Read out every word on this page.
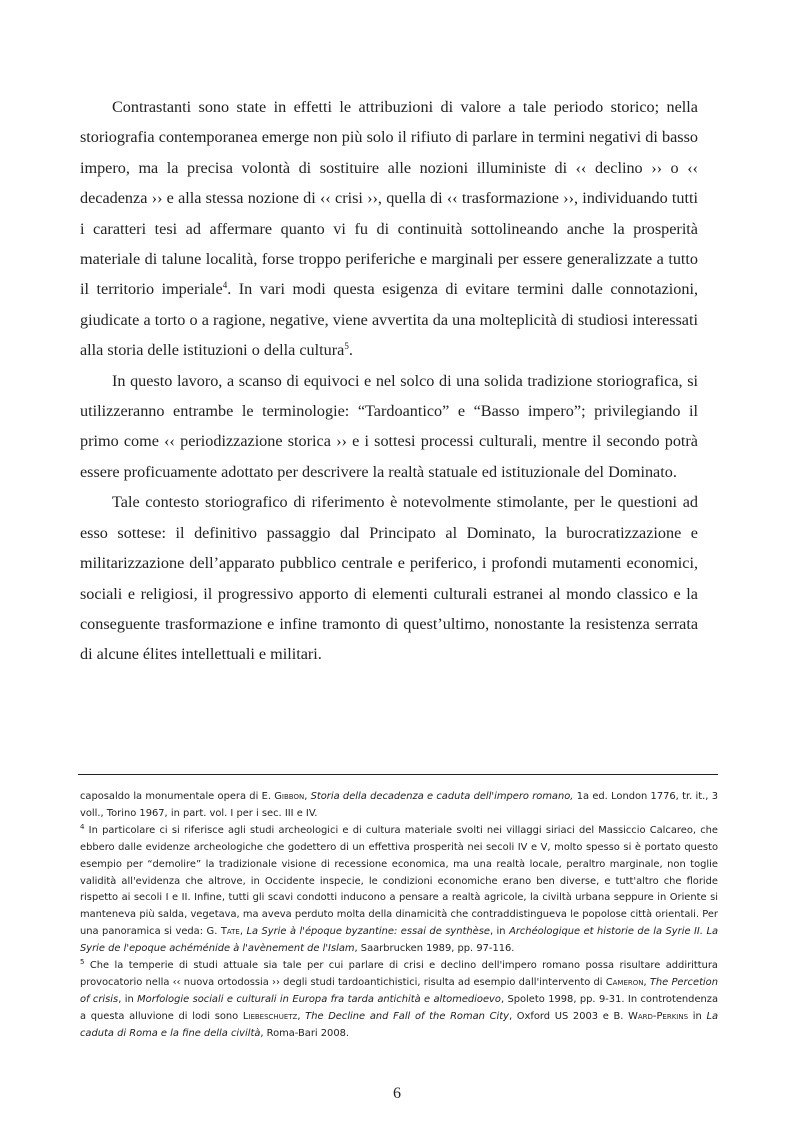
Contrastanti sono state in effetti le attribuzioni di valore a tale periodo storico; nella storiografia contemporanea emerge non più solo il rifiuto di parlare in termini negativi di basso impero, ma la precisa volontà di sostituire alle nozioni illuministe di ‹‹ declino ›› o ‹‹ decadenza ›› e alla stessa nozione di ‹‹ crisi ››, quella di ‹‹ trasformazione ››, individuando tutti i caratteri tesi ad affermare quanto vi fu di continuità sottolineando anche la prosperità materiale di talune località, forse troppo periferiche e marginali per essere generalizzate a tutto il territorio imperiale$^4$. In vari modi questa esigenza di evitare termini dalle connotazioni, giudicate a torto o a ragione, negative, viene avvertita da una molteplicità di studiosi interessati alla storia delle istituzioni o della cultura$^5$.

In questo lavoro, a scanso di equivoci e nel solco di una solida tradizione storiografica, si utilizzeranno entrambe le terminologie: “Tardoantico” e “Basso impero”; privilegiando il primo come ‹‹ periodizzazione storica ›› e i sottesi processi culturali, mentre il secondo potrà essere proficuamente adottato per descrivere la realtà statuale ed istituzionale del Dominato.

Tale contesto storiografico di riferimento è notevolmente stimolante, per le questioni ad esso sottese: il definitivo passaggio dal Principato al Dominato, la burocratizzazione e militarizzazione dell’apparato pubblico centrale e periferico, i profondi mutamenti economici, sociali e religiosi, il progressivo apporto di elementi culturali estranei al mondo classico e la conseguente trasformazione e infine tramonto di quest’ultimo, nonostante la resistenza serrata di alcune élites intellettuali e militari.

caposaldo la monumentale opera di E. Gibbon, Storia della decadenza e caduta dell'impero romano, 1a ed. London 1776, tr. it., 3 voll., Torino 1967, in part. vol. I per i sec. III e IV.

$^4$ In particolare ci si riferisce agli studi archeologici e di cultura materiale svolti nei villaggi siriaci del Massiccio Calcareo, che ebbero dalle evidenze archeologiche che godettero di un effettiva prosperità nei secoli IV e V, molto spesso si è portato questo esempio per “demolire” la tradizionale visione di recessione economica, ma una realtà locale, peraltro marginale, non toglie validità all'evidenza che altrove, in Occidente inspecie, le condizioni economiche erano ben diverse, e tutt'altro che floride rispetto ai secoli I e II. Infine, tutti gli scavi condotti inducono a pensare a realtà agricole, la civiltà urbana seppure in Oriente si manteneva più salda, vegetava, ma aveva perduto molta della dinamicità che contraddistingueva le popolose città orientali. Per una panoramica si veda: G. Tate, La Syrie à l'époque byzantine: essai de synthèse, in Archéologique et historie de la Syrie II. La Syrie de l'epoque achéménide à l'avènement de l'Islam, Saarbrucken 1989, pp. 97-116.

$^5$ Che la temperie di studi attuale sia tale per cui parlare di crisi e declino dell'impero romano possa risultare addirittura provocatorio nella ‹‹ nuova ortodossia ›› degli studi tardoantichistici, risulta ad esempio dall'intervento di Cameron, The Percetion of crisis, in Morfologie sociali e culturali in Europa fra tarda antichità e altomedioevo, Spoleto 1998, pp. 9-31. In controtendenza a questa alluvione di lodi sono Liebeschuetz, The Decline and Fall of the Roman City, Oxford US 2003 e B. Ward-Perkins in La caduta di Roma e la fine della civiltà, Roma-Bari 2008.

6
